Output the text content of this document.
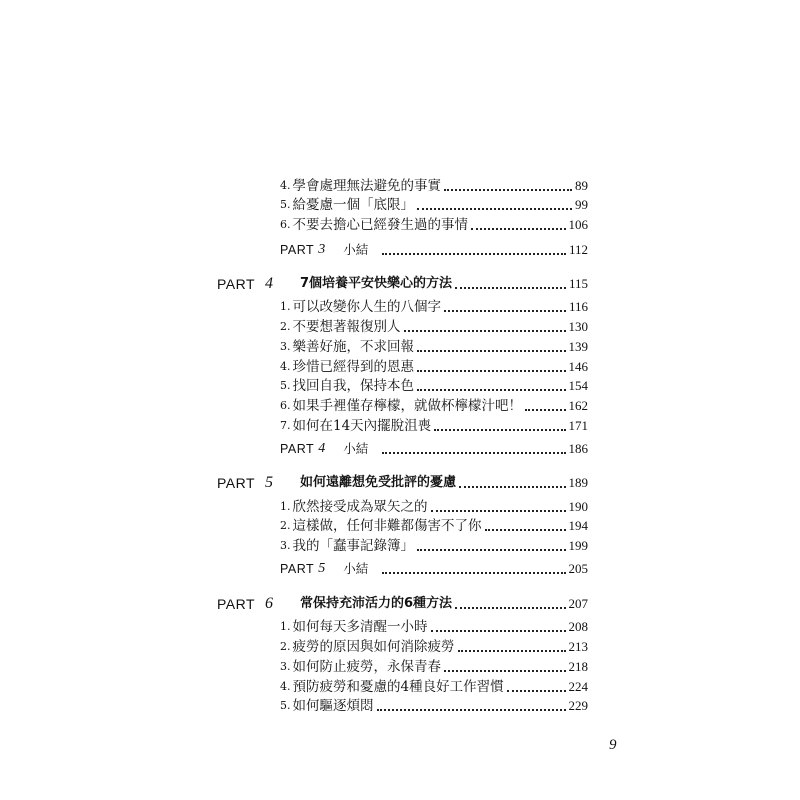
4. 學會處理無法避免的事實	89
5. 給憂慮一個「底限」	99
6. 不要去擔心已經發生過的事情	106
PART 3 小結	112
PART 4	7個培養平安快樂心的方法	115
1. 可以改變你人生的八個字	116
2. 不要想著報復別人	130
3. 樂善好施，不求回報	139
4. 珍惜已經得到的恩惠	146
5. 找回自我，保持本色	154
6. 如果手裡僅存檸檬，就做杯檸檬汁吧！	162
7. 如何在14天內擺脫沮喪	171
PART 4 小結	186
PART 5	如何遠離想免受批評的憂慮	189
1. 欣然接受成為眾矢之的	190
2. 這樣做，任何非難都傷害不了你	194
3. 我的「蠢事記錄簿」	199
PART 5 小結	205
PART 6	常保持充沛活力的6種方法	207
1. 如何每天多清醒一小時	208
2. 疲勞的原因與如何消除疲勞	213
3. 如何防止疲勞，永保青春	218
4. 預防疲勞和憂慮的4種良好工作習慣	224
5. 如何驅逐煩悶	229
9
